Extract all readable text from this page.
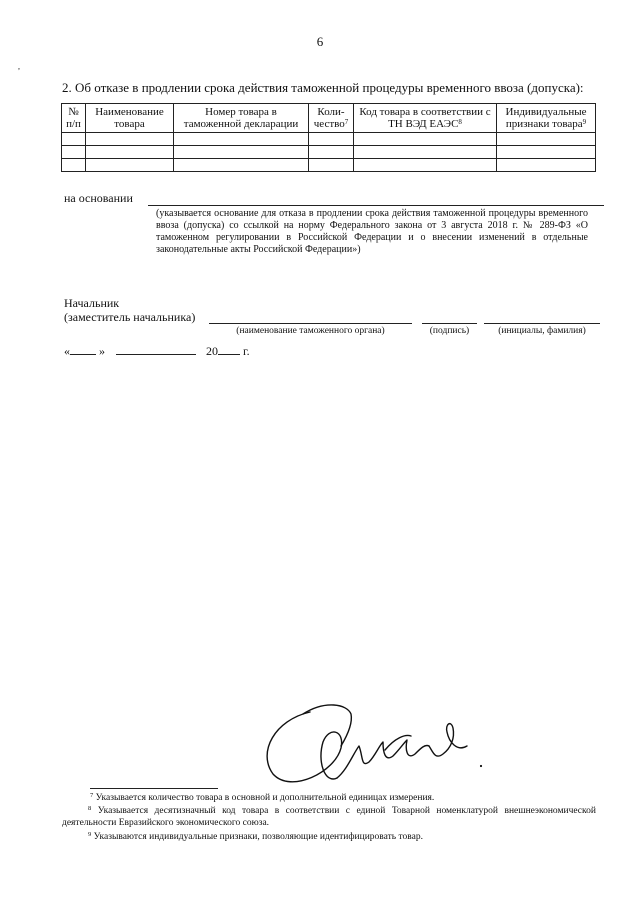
,
6
2. Об отказе в продлении срока действия таможенной процедуры временного ввоза (допуска):
№ п/п	Наименование товара	Номер товара в таможенной декларации	Коли-чество$^7$	Код товара в соответствии с ТН ВЭД ЕАЭС$^8$	Индивидуальные признаки товара$^9$

на основании
(указывается основание для отказа в продлении срока действия таможенной процедуры временного ввоза (допуска) со ссылкой на норму Федерального закона от 3 августа 2018 г. № 289-ФЗ «О таможенном регулировании в Российской Федерации и о внесении изменений в отдельные законодательные акты Российской Федерации»)
Начальник
(заместитель начальника)
(наименование таможенного органа)	(подпись)	(инициалы, фамилия)
« »	20 г.
$^7$ Указывается количество товара в основной и дополнительной единицах измерения.
$^8$ Указывается десятизначный код товара в соответствии с единой Товарной номенклатурой внешнеэкономической деятельности Евразийского экономического союза.
$^9$ Указываются индивидуальные признаки, позволяющие идентифицировать товар.
